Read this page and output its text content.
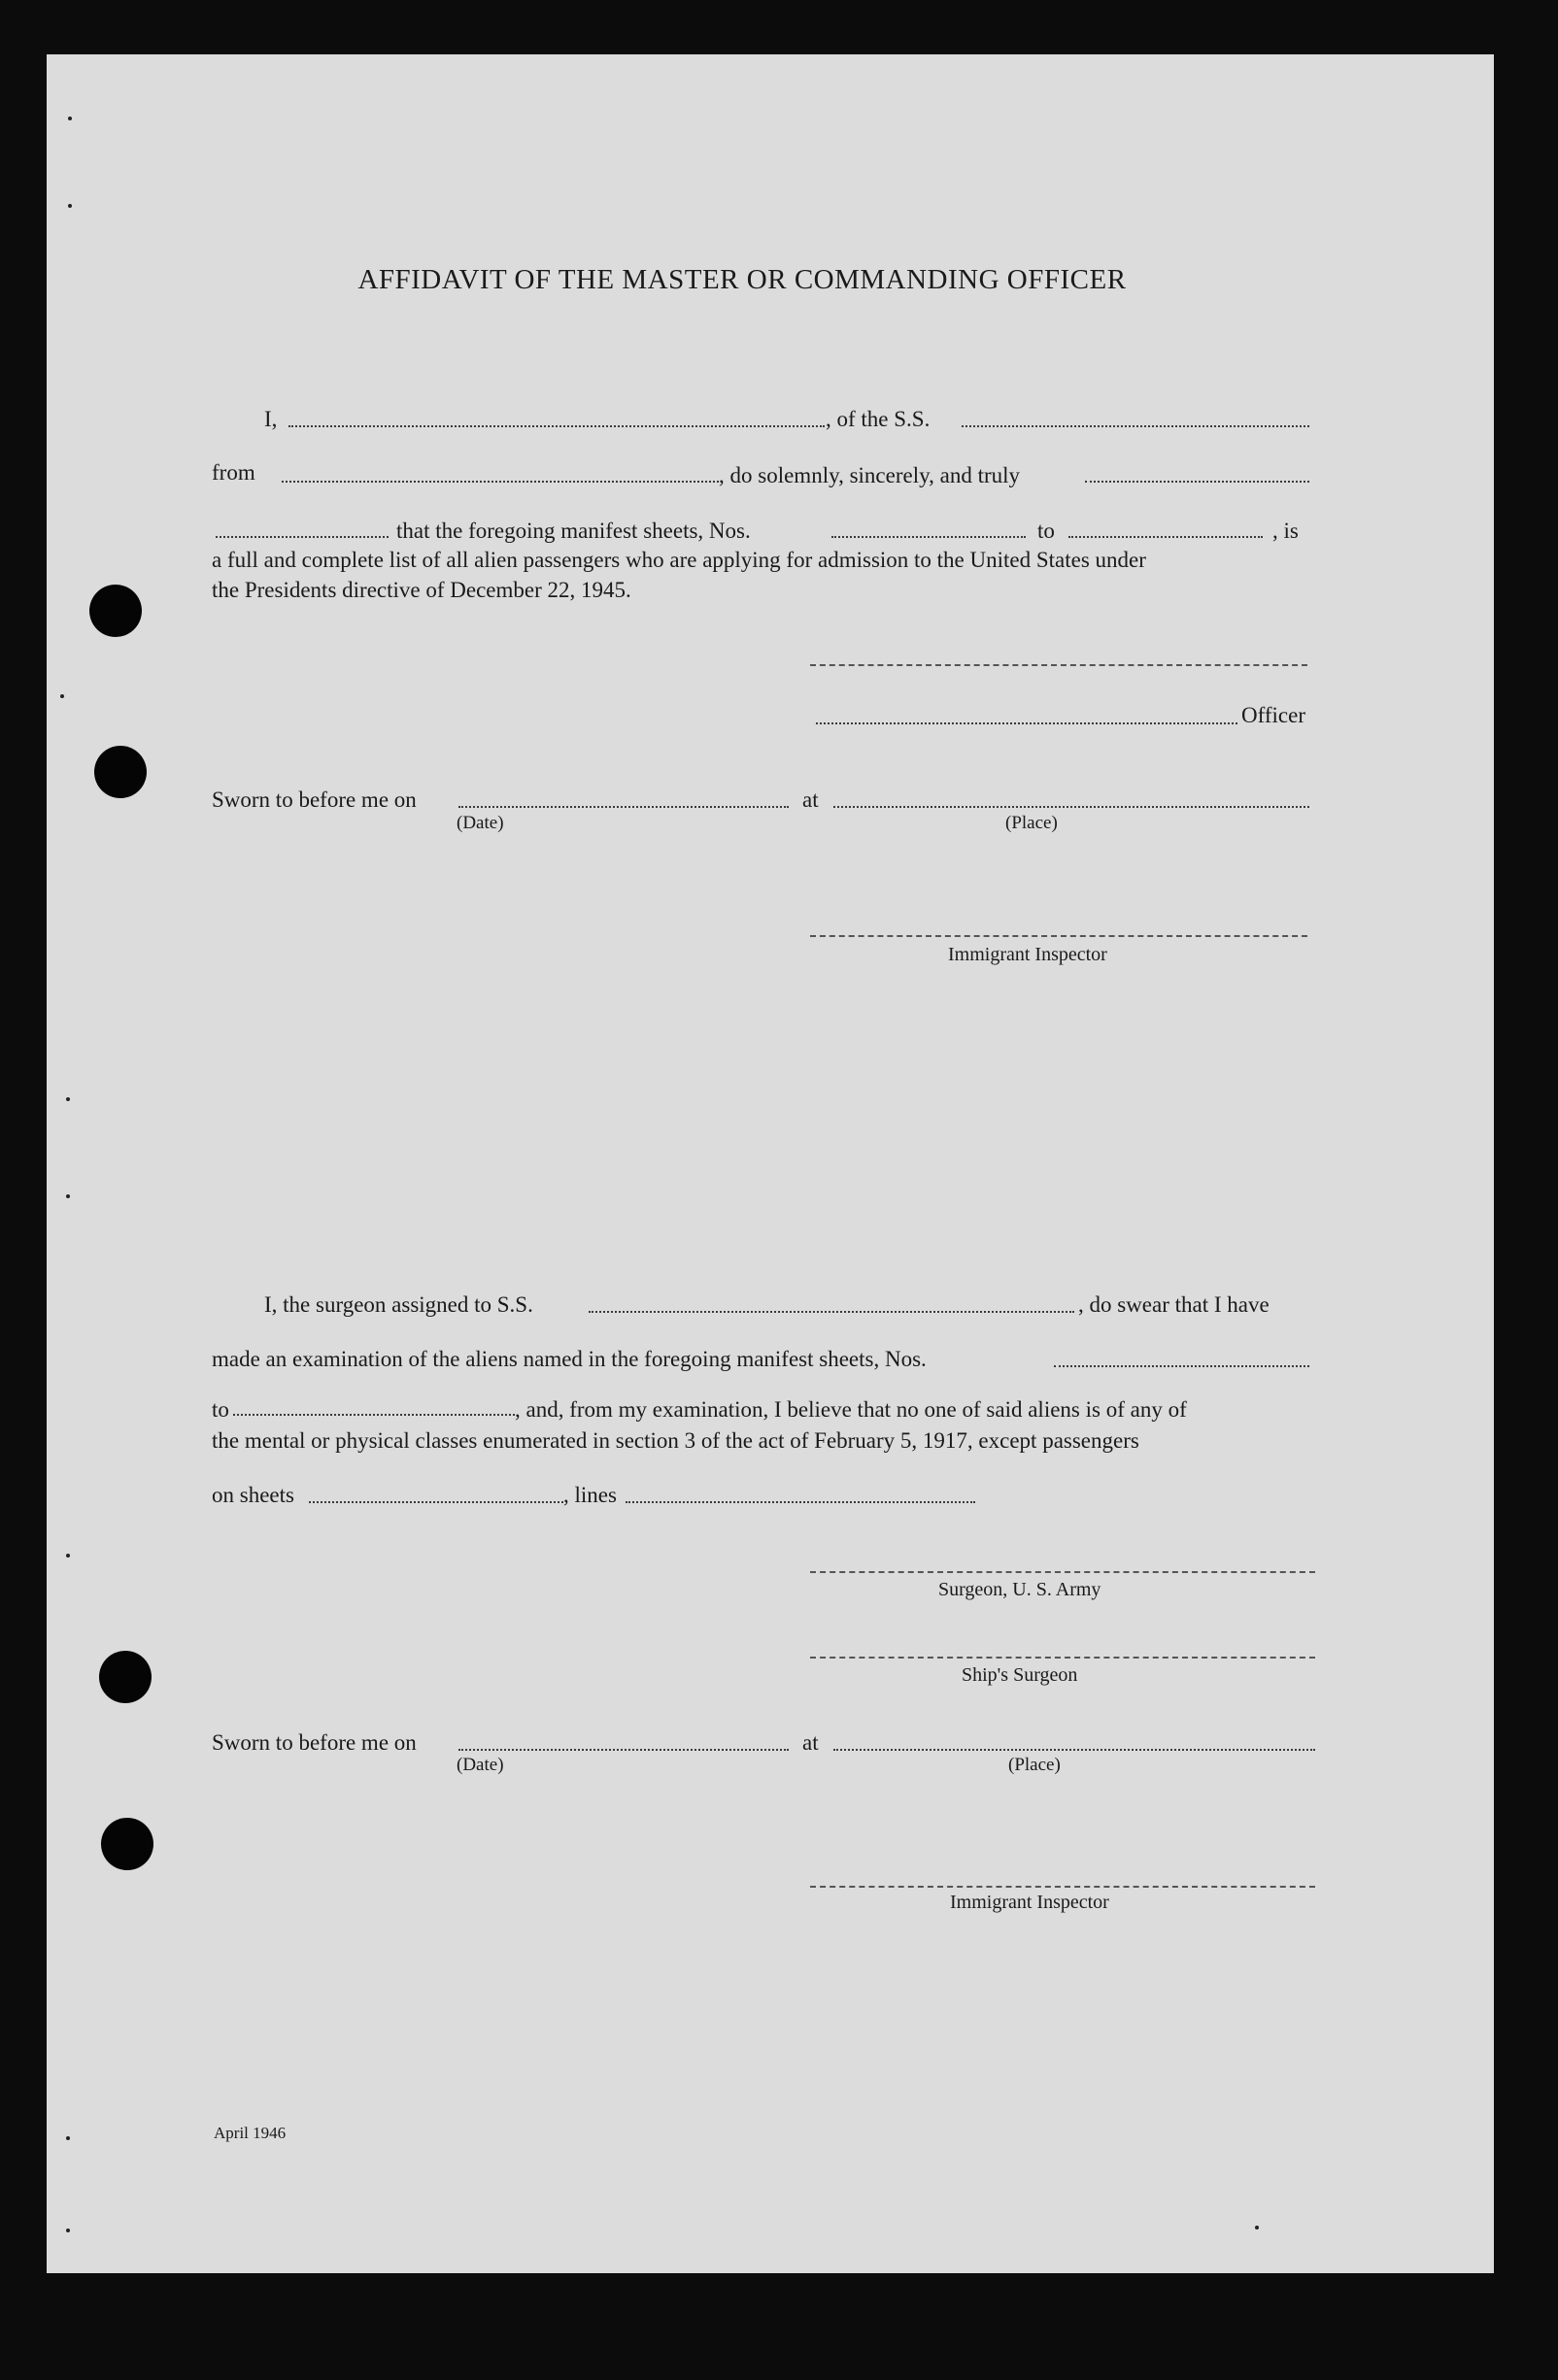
AFFIDAVIT OF THE MASTER OR COMMANDING OFFICER
I,	, of the S.S.
from	, do solemnly, sincerely, and truly
that the foregoing manifest sheets, Nos.	to	, is
a full and complete list of all alien passengers who are applying for admission to the United States under
the Presidents directive of December 22, 1945.
Officer
Sworn to before me on	at
(Date)	(Place)
Immigrant Inspector
I, the surgeon assigned to S.S.	, do swear that I have
made an examination of the aliens named in the foregoing manifest sheets, Nos.
to	, and, from my examination, I believe that no one of said aliens is of any of
the mental or physical classes enumerated in section 3 of the act of February 5, 1917, except passengers
on sheets	, lines
Surgeon, U. S. Army
Ship's Surgeon
Sworn to before me on	at
(Date)	(Place)
Immigrant Inspector
April 1946
